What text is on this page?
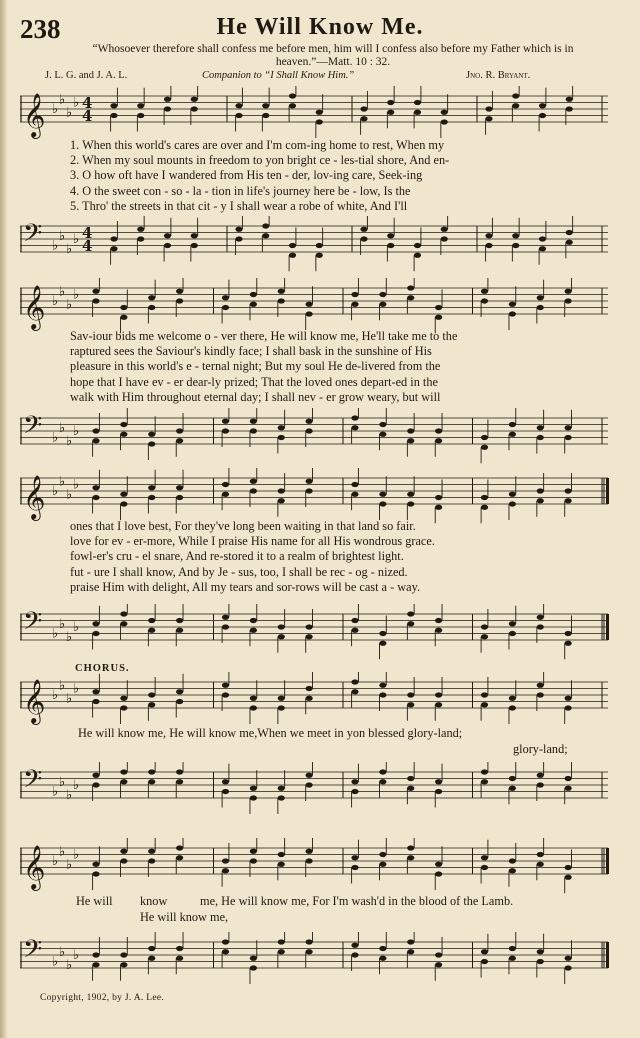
238	He Will Know Me.
“Whosoever therefore shall confess me before men, him will I confess also before my Father which is in heaven.”—Matt. 10 : 32.
J. L. G. and J. A. L.	Companion to “I Shall Know Him.”	Jno. R. Bryant.
𝄞 ♭
♭
♭
♭ 4
4
1. When this world's cares are over and I'm com-ing home to rest, When my
2. When my soul mounts in freedom to yon bright ce - les-tial shore, And en-
3. O how oft have I wandered from His ten - der, lov-ing care, Seek-ing
4. O the sweet con - so - la - tion in life's journey here be - low, Is the
5. Thro' the streets in that cit - y I shall wear a robe of white, And I'll
𝄢 ♭
♭
♭
♭ 4
4
𝄞 ♭
♭
♭
♭
Sav-iour bids me welcome o - ver there, He will know me, He'll take me to the
raptured sees the Saviour's kindly face; I shall bask in the sunshine of His
pleasure in this world's e - ternal night; But my soul He de-livered from the
hope that I have ev - er dear-ly prized; That the loved ones depart-ed in the
walk with Him throughout eternal day; I shall nev - er grow weary, but will
𝄢 ♭
♭
♭
♭
𝄞 ♭
♭
♭
♭
ones that I love best, For they've long been waiting in that land so fair.
love for ev - er-more, While I praise His name for all His wondrous grace.
fowl-er's cru - el snare, And re-stored it to a realm of brightest light.
fut - ure I shall know, And by Je - sus, too, I shall be rec - og - nized.
praise Him with delight, All my tears and sor-rows will be cast a - way.
𝄢 ♭
♭
♭
♭
CHORUS.
𝄞 ♭
♭
♭
♭
He will know me, He will know me,When we meet in yon blessed glory-land;
glory-land;
𝄢 ♭
♭
♭
♭
𝄞 ♭
♭
♭
♭
He will know	me, He will know me, For I'm wash'd in the blood of the Lamb.
He will know me,
𝄢 ♭
♭
♭
♭
Copyright, 1902, by J. A. Lee.
